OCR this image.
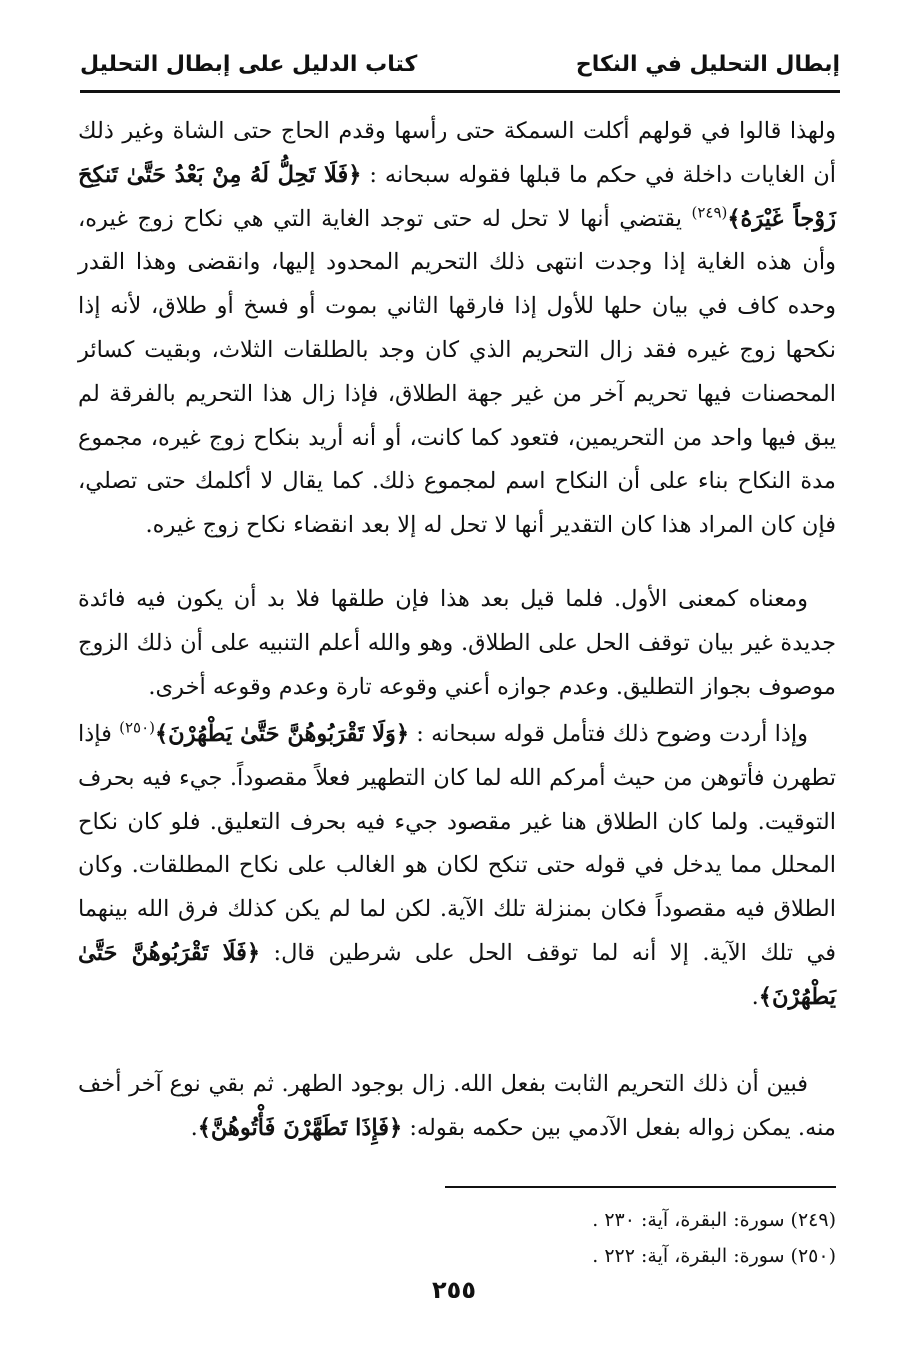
إبطال التحليل في النكاح
كتاب الدليل على إبطال التحليل

ولهذا قالوا في قولهم أكلت السمكة حتى رأسها وقدم الحاج حتى الشاة وغير ذلك أن الغايات داخلة في حكم ما قبلها فقوله سبحانه : ﴿فَلَا تَحِلُّ لَهُ مِنْ بَعْدُ حَتَّىٰ تَنكِحَ زَوْجاً غَيْرَهُ﴾$^{(٢٤٩)}$ يقتضي أنها لا تحل له حتى توجد الغاية التي هي نكاح زوج غيره، وأن هذه الغاية إذا وجدت انتهى ذلك التحريم المحدود إليها، وانقضى وهذا القدر وحده كاف في بيان حلها للأول إذا فارقها الثاني بموت أو فسخ أو طلاق، لأنه إذا نكحها زوج غيره فقد زال التحريم الذي كان وجد بالطلقات الثلاث، وبقيت كسائر المحصنات فيها تحريم آخر من غير جهة الطلاق، فإذا زال هذا التحريم بالفرقة لم يبق فيها واحد من التحريمين، فتعود كما كانت، أو أنه أريد بنكاح زوج غيره، مجموع مدة النكاح بناء على أن النكاح اسم لمجموع ذلك. كما يقال لا أكلمك حتى تصلي، فإن كان المراد هذا كان التقدير أنها لا تحل له إلا بعد انقضاء نكاح زوج غيره.

ومعناه كمعنى الأول. فلما قيل بعد هذا فإن طلقها فلا بد أن يكون فيه فائدة جديدة غير بيان توقف الحل على الطلاق. وهو والله أعلم التنبيه على أن ذلك الزوج موصوف بجواز التطليق. وعدم جوازه أعني وقوعه تارة وعدم وقوعه أخرى.

وإذا أردت وضوح ذلك فتأمل قوله سبحانه : ﴿وَلَا تَقْرَبُوهُنَّ حَتَّىٰ يَطْهُرْنَ﴾$^{(٢٥٠)}$ فإذا تطهرن فأتوهن من حيث أمركم الله لما كان التطهير فعلاً مقصوداً. جيء فيه بحرف التوقيت. ولما كان الطلاق هنا غير مقصود جيء فيه بحرف التعليق. فلو كان نكاح المحلل مما يدخل في قوله حتى تنكح لكان هو الغالب على نكاح المطلقات. وكان الطلاق فيه مقصوداً فكان بمنزلة تلك الآية. لكن لما لم يكن كذلك فرق الله بينهما في تلك الآية. إلا أنه لما توقف الحل على شرطين قال: ﴿فَلَا تَقْرَبُوهُنَّ حَتَّىٰ يَطْهُرْنَ﴾.

فبين أن ذلك التحريم الثابت بفعل الله. زال بوجود الطهر. ثم بقي نوع آخر أخف منه. يمكن زواله بفعل الآدمي بين حكمه بقوله: ﴿فَإِذَا تَطَهَّرْنَ فَأْتُوهُنَّ﴾.

(٢٤٩) سورة: البقرة، آية: ٢٣٠ .
(٢٥٠) سورة: البقرة، آية: ٢٢٢ .
٢٥٥
